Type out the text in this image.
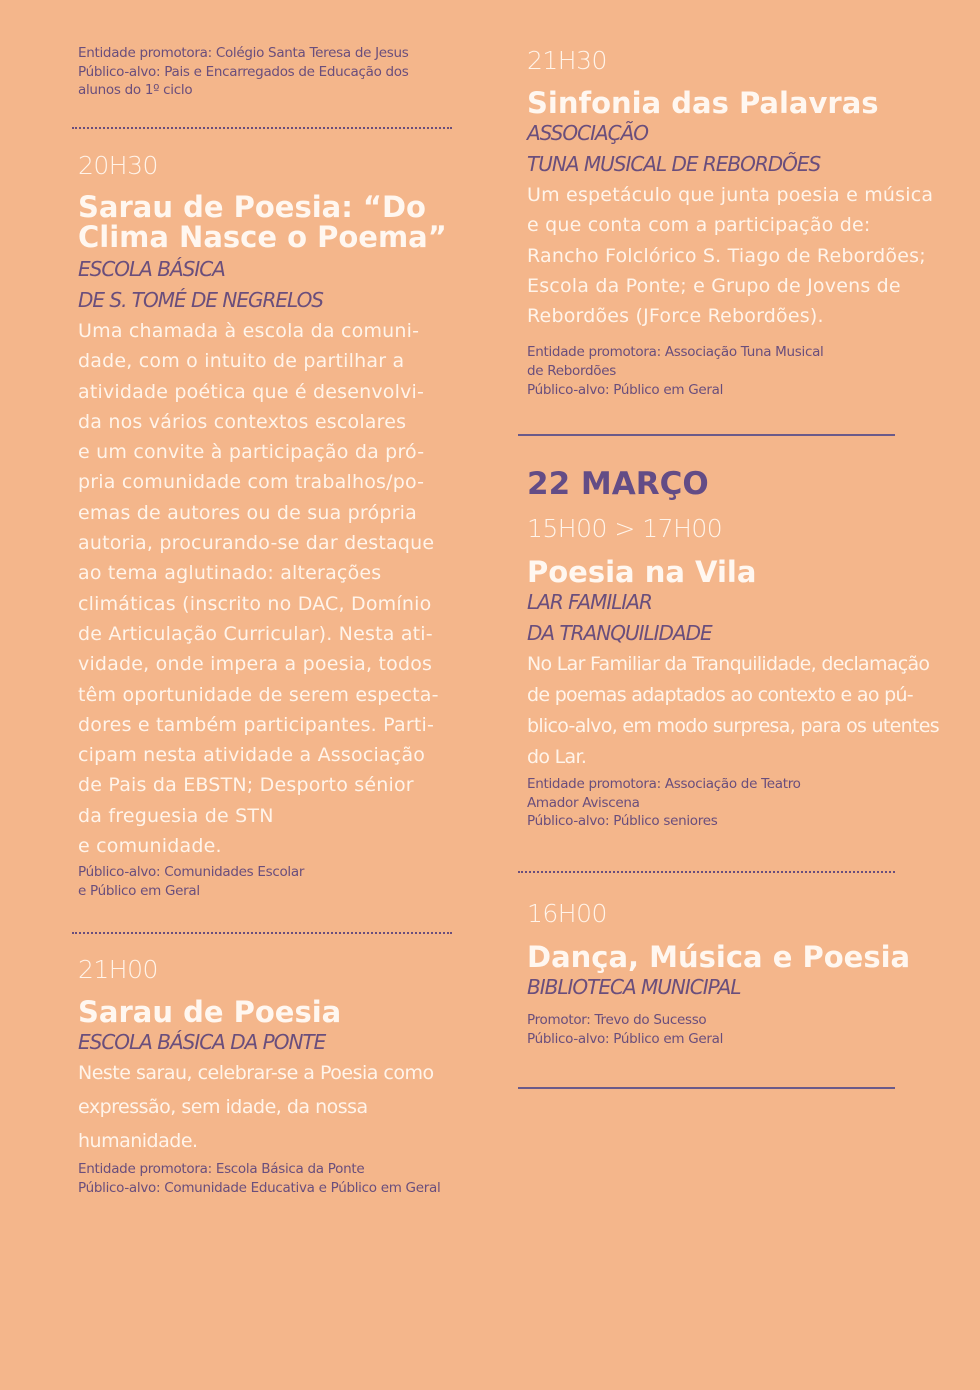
Entidade promotora: Colégio Santa Teresa de Jesus
Público-alvo: Pais e Encarregados de Educação dos
alunos do 1º ciclo
20H30
Sarau de Poesia: “Do
Clima Nasce o Poema”
ESCOLA BÁSICA
DE S. TOMÉ DE NEGRELOS
Uma chamada à escola da comuni-
dade, com o intuito de partilhar a
atividade poética que é desenvolvi-
da nos vários contextos escolares
e um convite à participação da pró-
pria comunidade com trabalhos/po-
emas de autores ou de sua própria
autoria, procurando-se dar destaque
ao tema aglutinado: alterações
climáticas (inscrito no DAC, Domínio
de Articulação Curricular). Nesta ati-
vidade, onde impera a poesia, todos
têm oportunidade de serem especta-
dores e também participantes. Parti-
cipam nesta atividade a Associação
de Pais da EBSTN; Desporto sénior
da freguesia de STN
e comunidade.
Público-alvo: Comunidades Escolar
e Público em Geral
21H00
Sarau de Poesia
ESCOLA BÁSICA DA PONTE
Neste sarau, celebrar-se a Poesia como
expressão, sem idade, da nossa
humanidade.
Entidade promotora: Escola Básica da Ponte
Público-alvo: Comunidade Educativa e Público em Geral
21H30
Sinfonia das Palavras
ASSOCIAÇÃO
TUNA MUSICAL DE REBORDÕES
Um espetáculo que junta poesia e música
e que conta com a participação de:
Rancho Folclórico S. Tiago de Rebordões;
Escola da Ponte; e Grupo de Jovens de
Rebordões (JForce Rebordões).
Entidade promotora: Associação Tuna Musical
de Rebordões
Público-alvo: Público em Geral
22 MARÇO
15H00 > 17H00
Poesia na Vila
LAR FAMILIAR
DA TRANQUILIDADE
No Lar Familiar da Tranquilidade, declamação
de poemas adaptados ao contexto e ao pú-
blico-alvo, em modo surpresa, para os utentes
do Lar.
Entidade promotora: Associação de Teatro
Amador Aviscena
Público-alvo: Público seniores
16H00
Dança, Música e Poesia
BIBLIOTECA MUNICIPAL
Promotor: Trevo do Sucesso
Público-alvo: Público em Geral
